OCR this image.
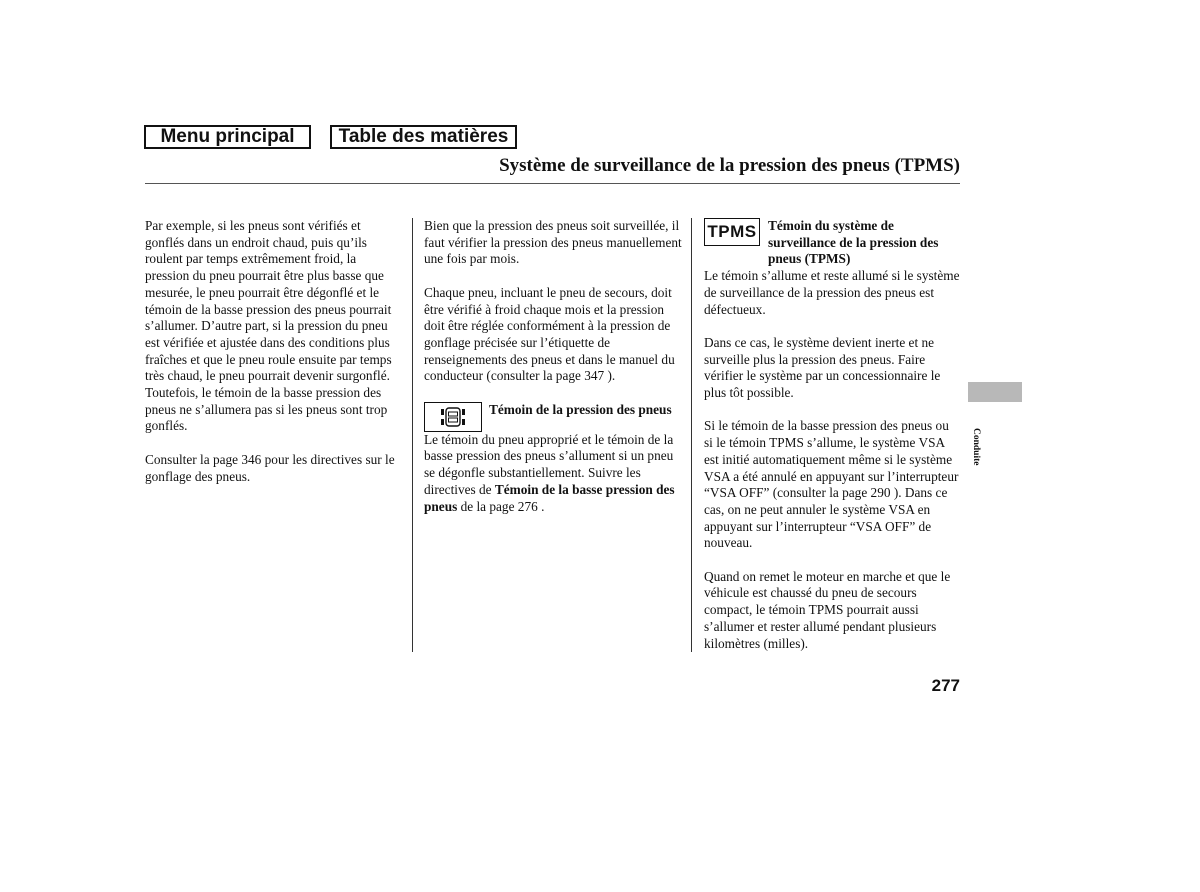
Menu principal	Table des matières
Système de surveillance de la pression des pneus (TPMS)

Par exemple, si les pneus sont vérifiés et gonflés dans un endroit chaud, puis qu’ils roulent par temps extrêmement froid, la pression du pneu pourrait être plus basse que mesurée, le pneu pourrait être dégonflé et le témoin de la basse pression des pneus pourrait s’allumer. D’autre part, si la pression du pneu est vérifiée et ajustée dans des conditions plus fraîches et que le pneu roule ensuite par temps très chaud, le pneu pourrait devenir surgonflé. Toutefois, le témoin de la basse pression des pneus ne s’allumera pas si les pneus sont trop gonflés.

Consulter la page 346 pour les directives sur le gonflage des pneus.

Bien que la pression des pneus soit surveillée, il faut vérifier la pression des pneus manuellement une fois par mois.

Chaque pneu, incluant le pneu de secours, doit être vérifié à froid chaque mois et la pression doit être réglée conformément à la pression de gonflage précisée sur l’étiquette de renseignements des pneus et dans le manuel du conducteur (consulter la page 347 ).

Témoin de la pression des pneus

Le témoin du pneu approprié et le témoin de la basse pression des pneus s’allument si un pneu se dégonfle substantiellement. Suivre les directives de Témoin de la basse pression des pneus de la page 276 .

TPMS Témoin du système de surveillance de la pression des pneus (TPMS)

Le témoin s’allume et reste allumé si le système de surveillance de la pression des pneus est défectueux.

Dans ce cas, le système devient inerte et ne surveille plus la pression des pneus. Faire vérifier le système par un concessionnaire le plus tôt possible.

Si le témoin de la basse pression des pneus ou si le témoin TPMS s’allume, le système VSA est initié automatiquement même si le système VSA a été annulé en appuyant sur l’interrupteur “VSA OFF” (consulter la page 290 ). Dans ce cas, on ne peut annuler le système VSA en appuyant sur l’interrupteur “VSA OFF” de nouveau.

Quand on remet le moteur en marche et que le véhicule est chaussé du pneu de secours compact, le témoin TPMS pourrait aussi s’allumer et rester allumé pendant plusieurs kilomètres (milles).

Conduite
277
